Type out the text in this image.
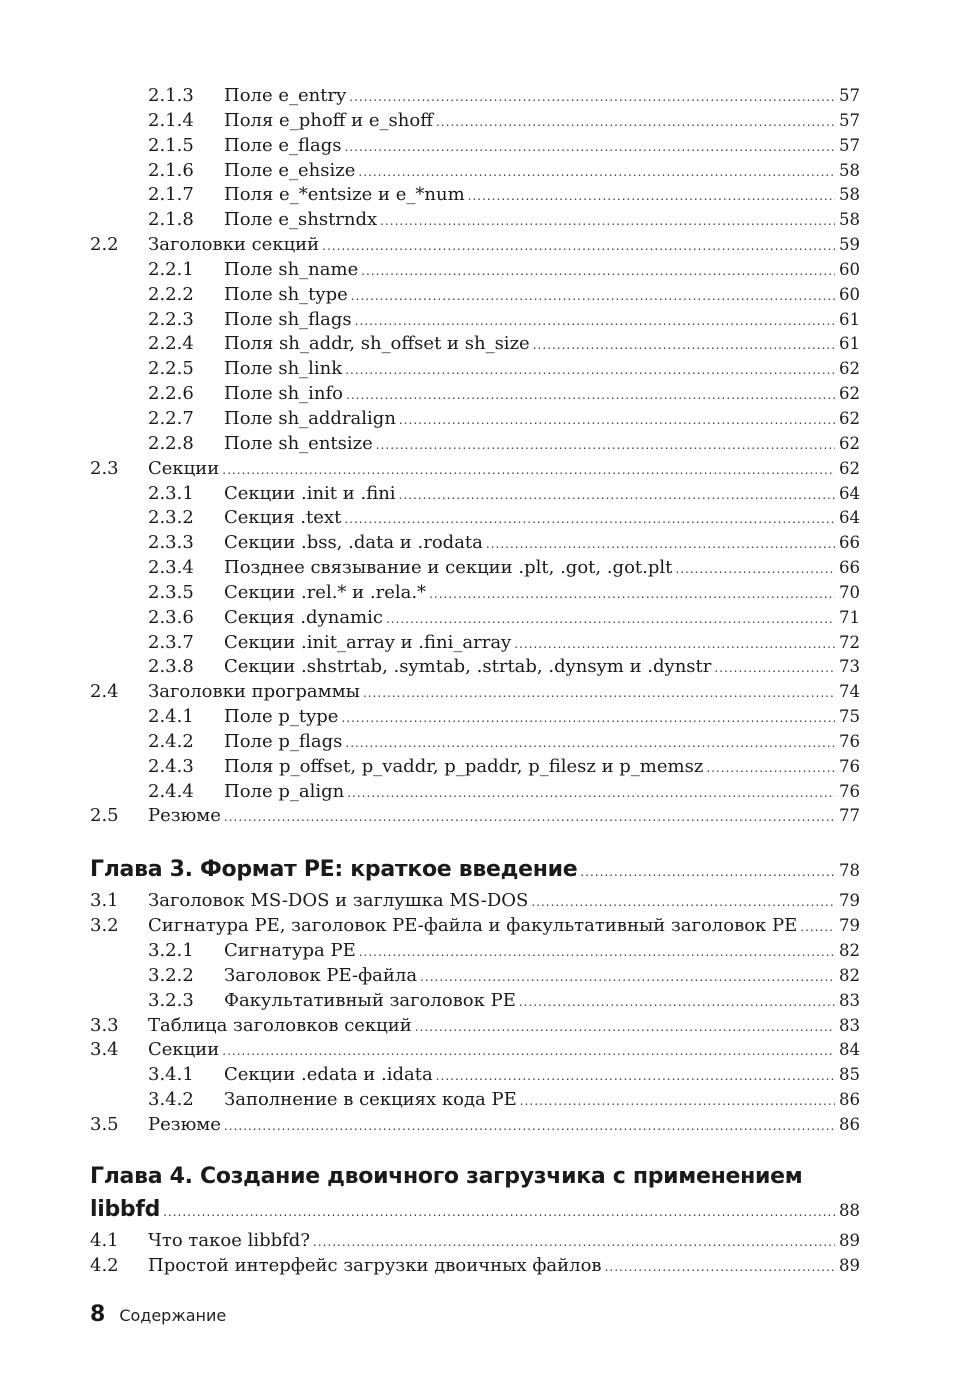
2.1.3	Поле e_entry .....	57
2.1.4	Поля e_phoff и e_shoff .....	57
2.1.5	Поле e_flags .....	57
2.1.6	Поле e_ehsize .....	58
2.1.7	Поля e_*entsize и e_*num .....	58
2.1.8	Поле e_shstrndx .....	58
2.2	Заголовки секций .....	59
2.2.1	Поле sh_name .....	60
2.2.2	Поле sh_type .....	60
2.2.3	Поле sh_flags .....	61
2.2.4	Поля sh_addr, sh_offset и sh_size .....	61
2.2.5	Поле sh_link .....	62
2.2.6	Поле sh_info .....	62
2.2.7	Поле sh_addralign .....	62
2.2.8	Поле sh_entsize .....	62
2.3	Секции .....	62
2.3.1	Секции .init и .fini .....	64
2.3.2	Секция .text .....	64
2.3.3	Секции .bss, .data и .rodata .....	66
2.3.4	Позднее связывание и секции .plt, .got, .got.plt .....	66
2.3.5	Секции .rel.* и .rela.* .....	70
2.3.6	Секция .dynamic .....	71
2.3.7	Секции .init_array и .fini_array .....	72
2.3.8	Секции .shstrtab, .symtab, .strtab, .dynsym и .dynstr .....	73
2.4	Заголовки программы .....	74
2.4.1	Поле p_type .....	75
2.4.2	Поле p_flags .....	76
2.4.3	Поля p_offset, p_vaddr, p_paddr, p_filesz и p_memsz .....	76
2.4.4	Поле p_align .....	76
2.5	Резюме .....	77
Глава 3. Формат PE: краткое введение .....	78
3.1	Заголовок MS-DOS и заглушка MS-DOS .....	79
3.2	Сигнатура PE, заголовок PE-файла и факультативный заголовок PE .....	79
3.2.1	Сигнатура PE .....	82
3.2.2	Заголовок PE-файла .....	82
3.2.3	Факультативный заголовок PE .....	83
3.3	Таблица заголовков секций .....	83
3.4	Секции .....	84
3.4.1	Секции .edata и .idata .....	85
3.4.2	Заполнение в секциях кода PE .....	86
3.5	Резюме .....	86
Глава 4. Создание двоичного загрузчика с применением
libbfd .....	88
4.1	Что такое libbfd? .....	89
4.2	Простой интерфейс загрузки двоичных файлов .....	89
8 Содержание
